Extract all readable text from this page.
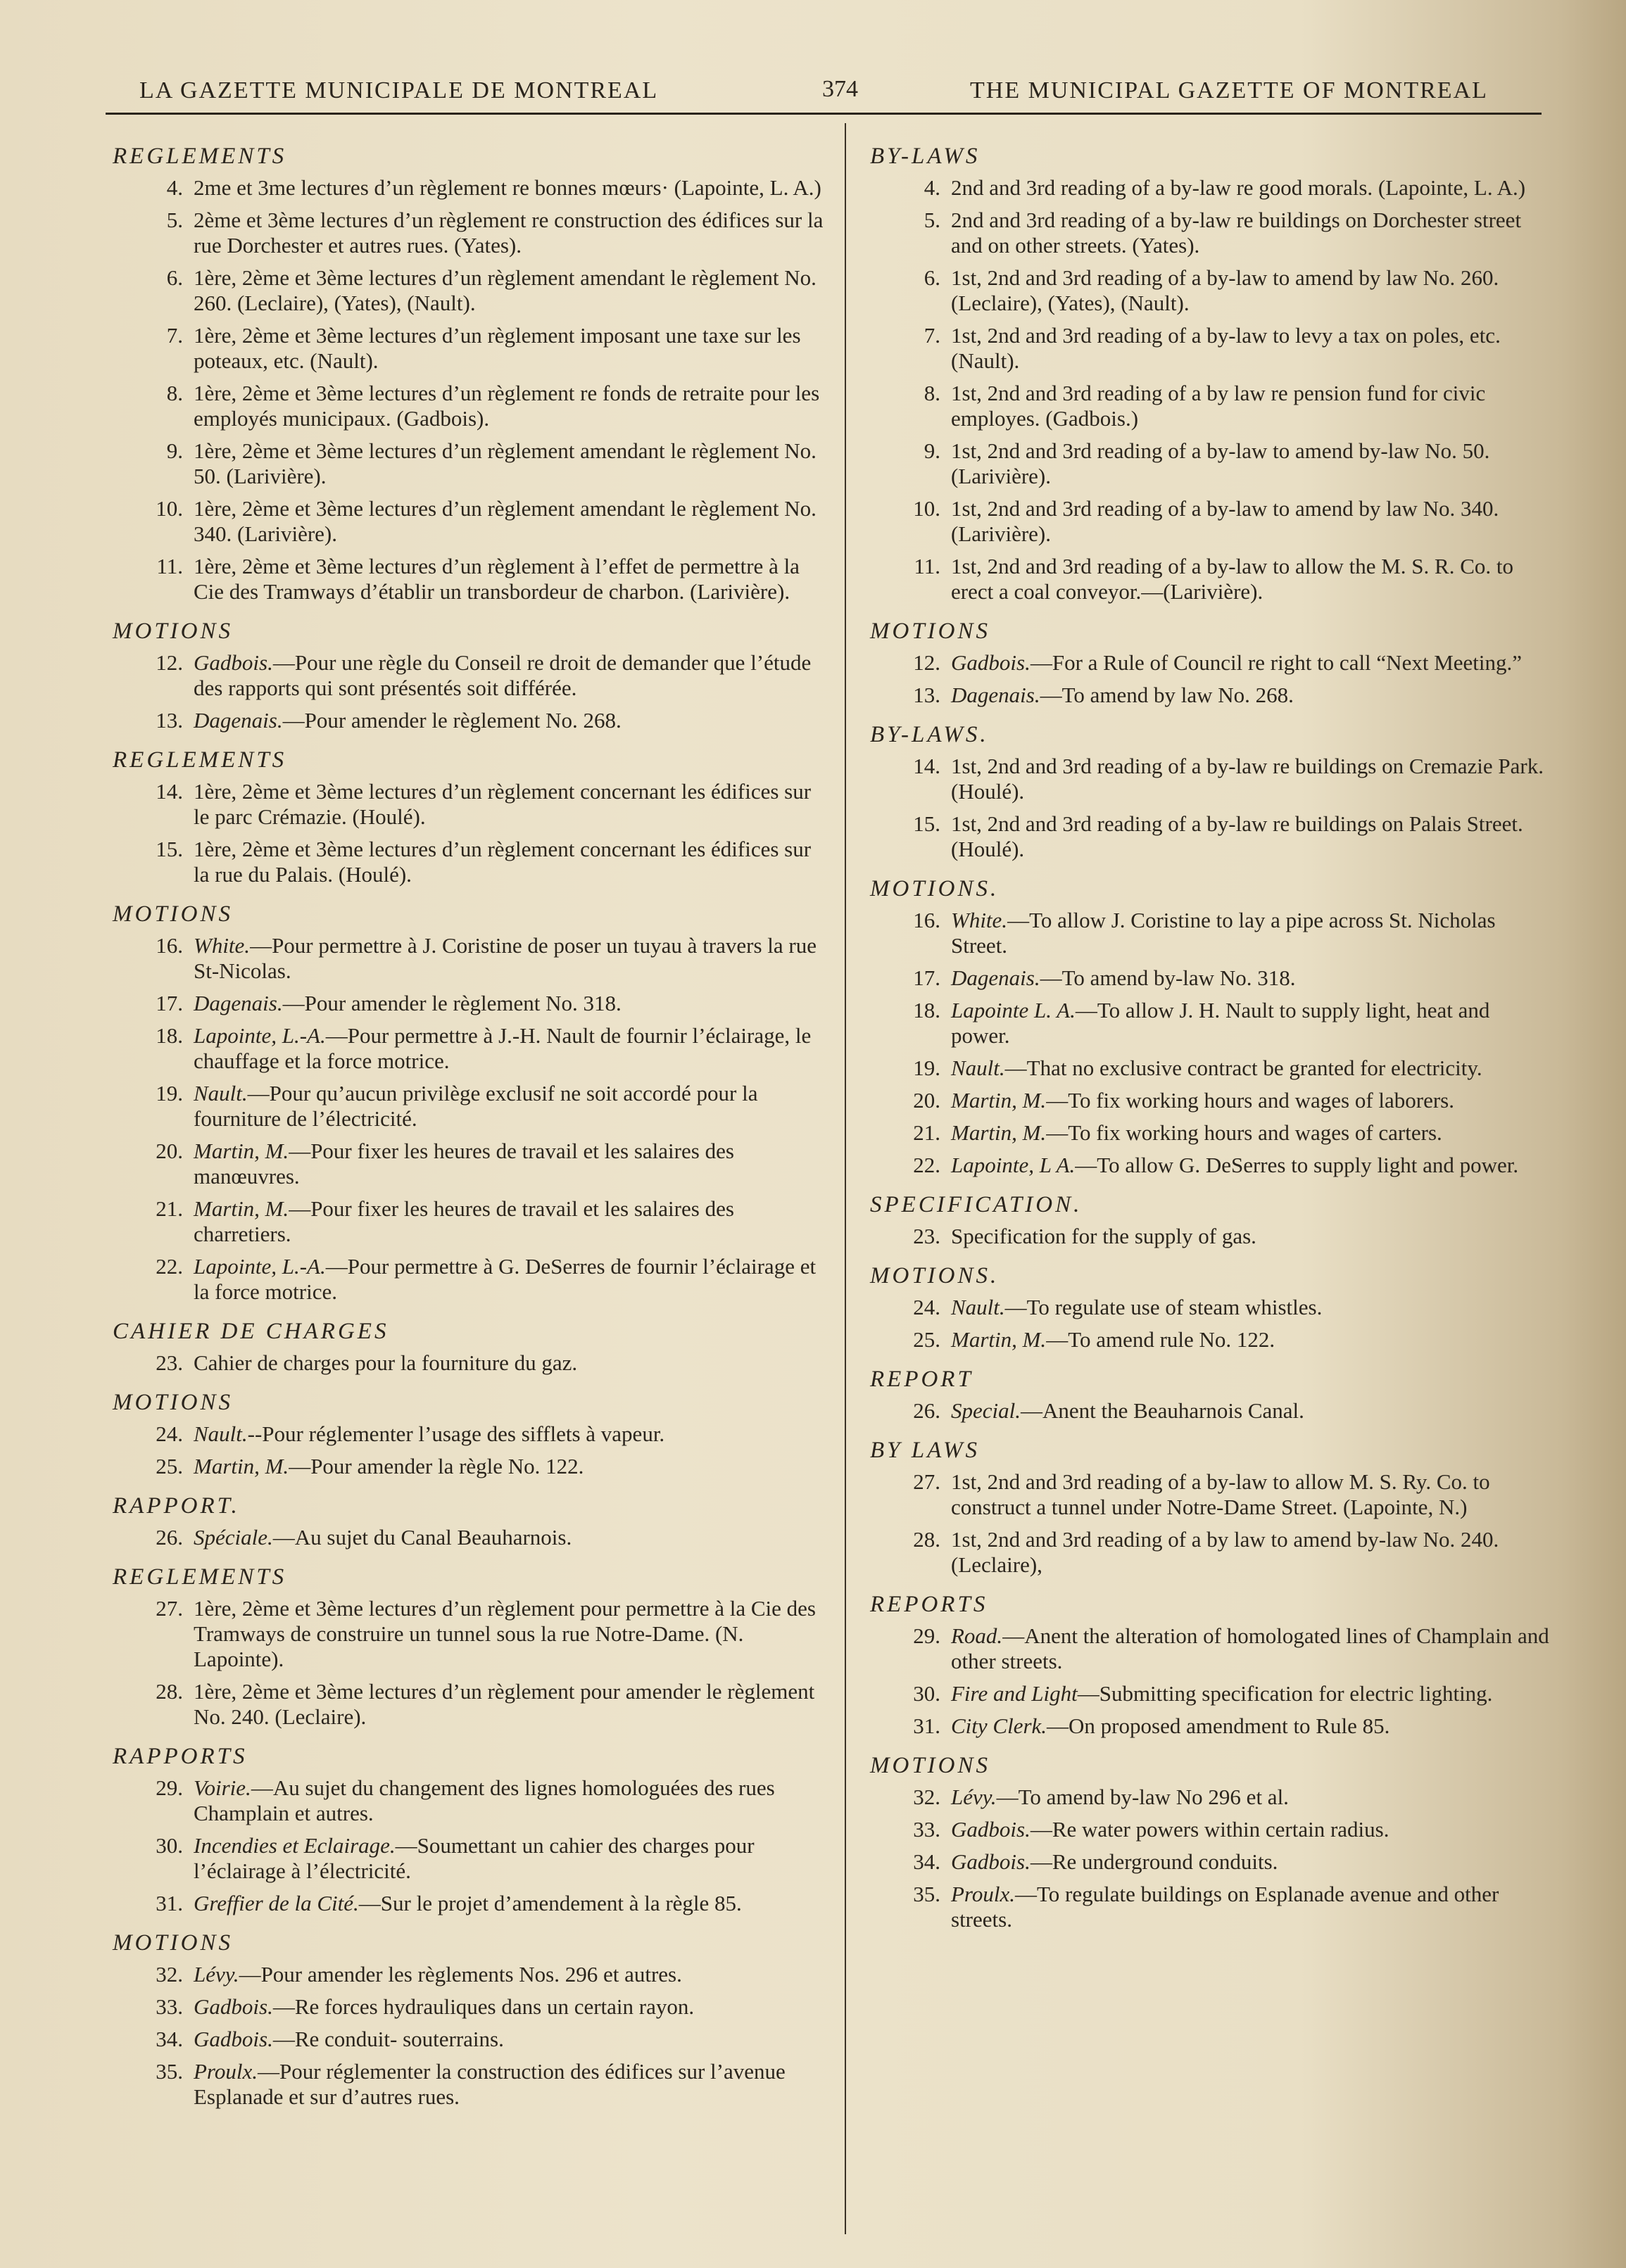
LA GAZETTE MUNICIPALE DE MONTREAL	374	THE MUNICIPAL GAZETTE OF MONTREAL
REGLEMENTS
4. 2me et 3me lectures d’un règlement re bonnes mœurs· (Lapointe, L. A.)
5. 2ème et 3ème lectures d’un règlement re construction des édifices sur la rue Dorchester et autres rues. (Yates).
6. 1ère, 2ème et 3ème lectures d’un règlement amendant le règlement No. 260. (Leclaire), (Yates), (Nault).
7. 1ère, 2ème et 3ème lectures d’un règlement imposant une taxe sur les poteaux, etc. (Nault).
8. 1ère, 2ème et 3ème lectures d’un règlement re fonds de retraite pour les employés municipaux. (Gadbois).
9. 1ère, 2ème et 3ème lectures d’un règlement amendant le règlement No. 50. (Larivière).
10. 1ère, 2ème et 3ème lectures d’un règlement amendant le règlement No. 340. (Larivière).
11. 1ère, 2ème et 3ème lectures d’un règlement à l’effet de permettre à la Cie des Tramways d’établir un transbordeur de charbon. (Larivière).
MOTIONS
12. Gadbois.—Pour une règle du Conseil re droit de demander que l’étude des rapports qui sont présentés soit différée.
13. Dagenais.—Pour amender le règlement No. 268.
REGLEMENTS
14. 1ère, 2ème et 3ème lectures d’un règlement concernant les édifices sur le parc Crémazie. (Houlé).
15. 1ère, 2ème et 3ème lectures d’un règlement concernant les édifices sur la rue du Palais. (Houlé).
MOTIONS
16. White.—Pour permettre à J. Coristine de poser un tuyau à travers la rue St-Nicolas.
17. Dagenais.—Pour amender le règlement No. 318.
18. Lapointe, L.-A.—Pour permettre à J.-H. Nault de fournir l’éclairage, le chauffage et la force motrice.
19. Nault.—Pour qu’aucun privilège exclusif ne soit accordé pour la fourniture de l’électricité.
20. Martin, M.—Pour fixer les heures de travail et les salaires des manœuvres.
21. Martin, M.—Pour fixer les heures de travail et les salaires des charretiers.
22. Lapointe, L.-A.—Pour permettre à G. DeSerres de fournir l’éclairage et la force motrice.
CAHIER DE CHARGES
23. Cahier de charges pour la fourniture du gaz.
MOTIONS
24. Nault.--Pour réglementer l’usage des sifflets à vapeur.
25. Martin, M.—Pour amender la règle No. 122.
RAPPORT.
26. Spéciale.—Au sujet du Canal Beauharnois.
REGLEMENTS
27. 1ère, 2ème et 3ème lectures d’un règlement pour permettre à la Cie des Tramways de construire un tunnel sous la rue Notre-Dame. (N. Lapointe).
28. 1ère, 2ème et 3ème lectures d’un règlement pour amender le règlement No. 240. (Leclaire).
RAPPORTS
29. Voirie.—Au sujet du changement des lignes homologuées des rues Champlain et autres.
30. Incendies et Eclairage.—Soumettant un cahier des charges pour l’éclairage à l’électricité.
31. Greffier de la Cité.—Sur le projet d’amendement à la règle 85.
MOTIONS
32. Lévy.—Pour amender les règlements Nos. 296 et autres.
33. Gadbois.—Re forces hydrauliques dans un certain rayon.
34. Gadbois.—Re conduit- souterrains.
35. Proulx.—Pour réglementer la construction des édifices sur l’avenue Esplanade et sur d’autres rues.
BY-LAWS
4. 2nd and 3rd reading of a by-law re good morals. (Lapointe, L. A.)
5. 2nd and 3rd reading of a by-law re buildings on Dorchester street and on other streets. (Yates).
6. 1st, 2nd and 3rd reading of a by-law to amend by law No. 260. (Leclaire), (Yates), (Nault).
7. 1st, 2nd and 3rd reading of a by-law to levy a tax on poles, etc. (Nault).
8. 1st, 2nd and 3rd reading of a by law re pension fund for civic employes. (Gadbois.)
9. 1st, 2nd and 3rd reading of a by-law to amend by-law No. 50. (Larivière).
10. 1st, 2nd and 3rd reading of a by-law to amend by law No. 340. (Larivière).
11. 1st, 2nd and 3rd reading of a by-law to allow the M. S. R. Co. to erect a coal conveyor.—(Larivière).
MOTIONS
12. Gadbois.—For a Rule of Council re right to call “Next Meeting.”
13. Dagenais.—To amend by law No. 268.
BY-LAWS.
14. 1st, 2nd and 3rd reading of a by-law re buildings on Cremazie Park. (Houlé).
15. 1st, 2nd and 3rd reading of a by-law re buildings on Palais Street. (Houlé).
MOTIONS.
16. White.—To allow J. Coristine to lay a pipe across St. Nicholas Street.
17. Dagenais.—To amend by-law No. 318.
18. Lapointe L. A.—To allow J. H. Nault to supply light, heat and power.
19. Nault.—That no exclusive contract be granted for electricity.
20. Martin, M.—To fix working hours and wages of laborers.
21. Martin, M.—To fix working hours and wages of carters.
22. Lapointe, L A.—To allow G. DeSerres to supply light and power.
SPECIFICATION.
23. Specification for the supply of gas.
MOTIONS.
24. Nault.—To regulate use of steam whistles.
25. Martin, M.—To amend rule No. 122.
REPORT
26. Special.—Anent the Beauharnois Canal.
BY LAWS
27. 1st, 2nd and 3rd reading of a by-law to allow M. S. Ry. Co. to construct a tunnel under Notre-Dame Street. (Lapointe, N.)
28. 1st, 2nd and 3rd reading of a by law to amend by-law No. 240. (Leclaire),
REPORTS
29. Road.—Anent the alteration of homologated lines of Champlain and other streets.
30. Fire and Light—Submitting specification for electric lighting.
31. City Clerk.—On proposed amendment to Rule 85.
MOTIONS
32. Lévy.—To amend by-law No 296 et al.
33. Gadbois.—Re water powers within certain radius.
34. Gadbois.—Re underground conduits.
35. Proulx.—To regulate buildings on Esplanade avenue and other streets.
